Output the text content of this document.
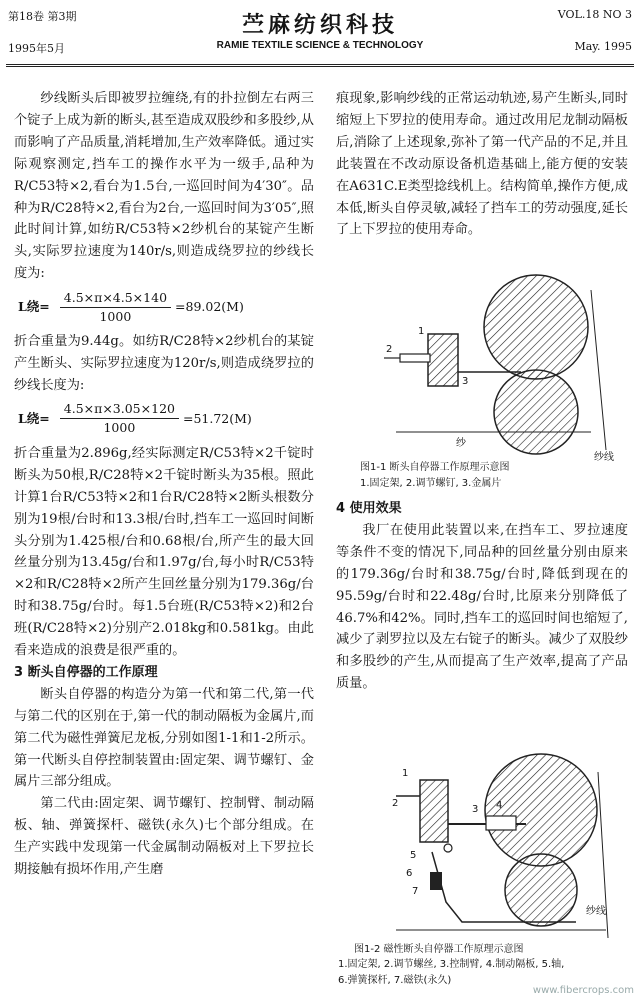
第18卷 第3期
1995年5月
苎麻纺织科技
RAMIE TEXTILE SCIENCE & TECHNOLOGY
VOL.18 NO 3
May. 1995

纱线断头后即被罗拉缠绕,有的扑拉倒左右两三个锭子上成为新的断头,甚至造成双股纱和多股纱,从而影响了产品质量,消耗增加,生产效率降低。通过实际观察测定,挡车工的操作水平为一级手,品种为R/C53特×2,看台为1.5台,一巡回时间为4′30″。品种为R/C28特×2,看台为2台,一巡回时间为3′05″,照此时间计算,如纺R/C53特×2纱机台的某锭产生断头,实际罗拉速度为140r/s,则造成绕罗拉的纱线长度为:

L绕= $\frac{4.5\times\pi\times 4.5\times 140}{1000} =89.02(M)$

折合重量为9.44g。如纺R/C28特×2纱机台的某锭产生断头、实际罗拉速度为120r/s,则造成绕罗拉的纱线长度为:

L绕= $\frac{4.5\times\pi\times 3.05\times 120}{1000} =51.72(M)$

折合重量为2.896g,经实际测定R/C53特×2千锭时断头为50根,R/C28特×2千锭时断头为35根。照此计算1台R/C53特×2和1台R/C28特×2断头根数分别为19根/台时和13.3根/台时,挡车工一巡回时间断头分别为1.425根/台和0.68根/台,所产生的最大回丝量分别为13.45g/台和1.97g/台,每小时R/C53特×2和R/C28特×2所产生回丝量分别为179.36g/台时和38.75g/台时。每1.5台班(R/C53特×2)和2台班(R/C28特×2)分别产2.018kg和0.581kg。由此看来造成的浪费是很严重的。

3 断头自停器的工作原理

断头自停器的构造分为第一代和第二代,第一代与第二代的区别在于,第一代的制动隔板为金属片,而第二代为磁性弹簧尼龙板,分别如图1-1和1-2所示。第一代断头自停控制装置由:固定架、调节螺钉、金属片三部分组成。

第二代由:固定架、调节螺钉、控制臂、制动隔板、轴、弹簧探杆、磁铁(永久)七个部分组成。在生产实践中发现第一代金属制动隔板对上下罗拉长期接触有损坏作用,产生磨

痕现象,影响纱线的正常运动轨迹,易产生断头,同时缩短上下罗拉的使用寿命。通过改用尼龙制动隔板后,消除了上述现象,弥补了第一代产品的不足,并且此装置在不改动原设备机造基础上,能方便的安装在A631C.E类型捻线机上。结构简单,操作方便,成本低,断头自停灵敏,减轻了挡车工的劳动强度,延长了上下罗拉的使用寿命。

1
2
3
纱
纱线
图1-1 断头自停器工作原理示意图
1.固定架, 2.调节螺钉, 3.金属片

4 使用效果

我厂在使用此装置以来,在挡车工、罗拉速度等条件不变的情况下,同品种的回丝量分别由原来的179.36g/台时和38.75g/台时,降低到现在的95.59g/台时和22.48g/台时,比原来分别降低了46.7%和42%。同时,挡车工的巡回时间也缩短了,减少了剥罗拉以及左右锭子的断头。减少了双股纱和多股纱的产生,从而提高了生产效率,提高了产品质量。

1
2
3 4
5
6
7
纱线
图1-2 磁性断头自停器工作原理示意图
1.固定架, 2.调节螺丝, 3.控制臂, 4.制动隔板, 5.轴,
6.弹簧探杆, 7.磁铁(永久)
www.fibercrops.com
